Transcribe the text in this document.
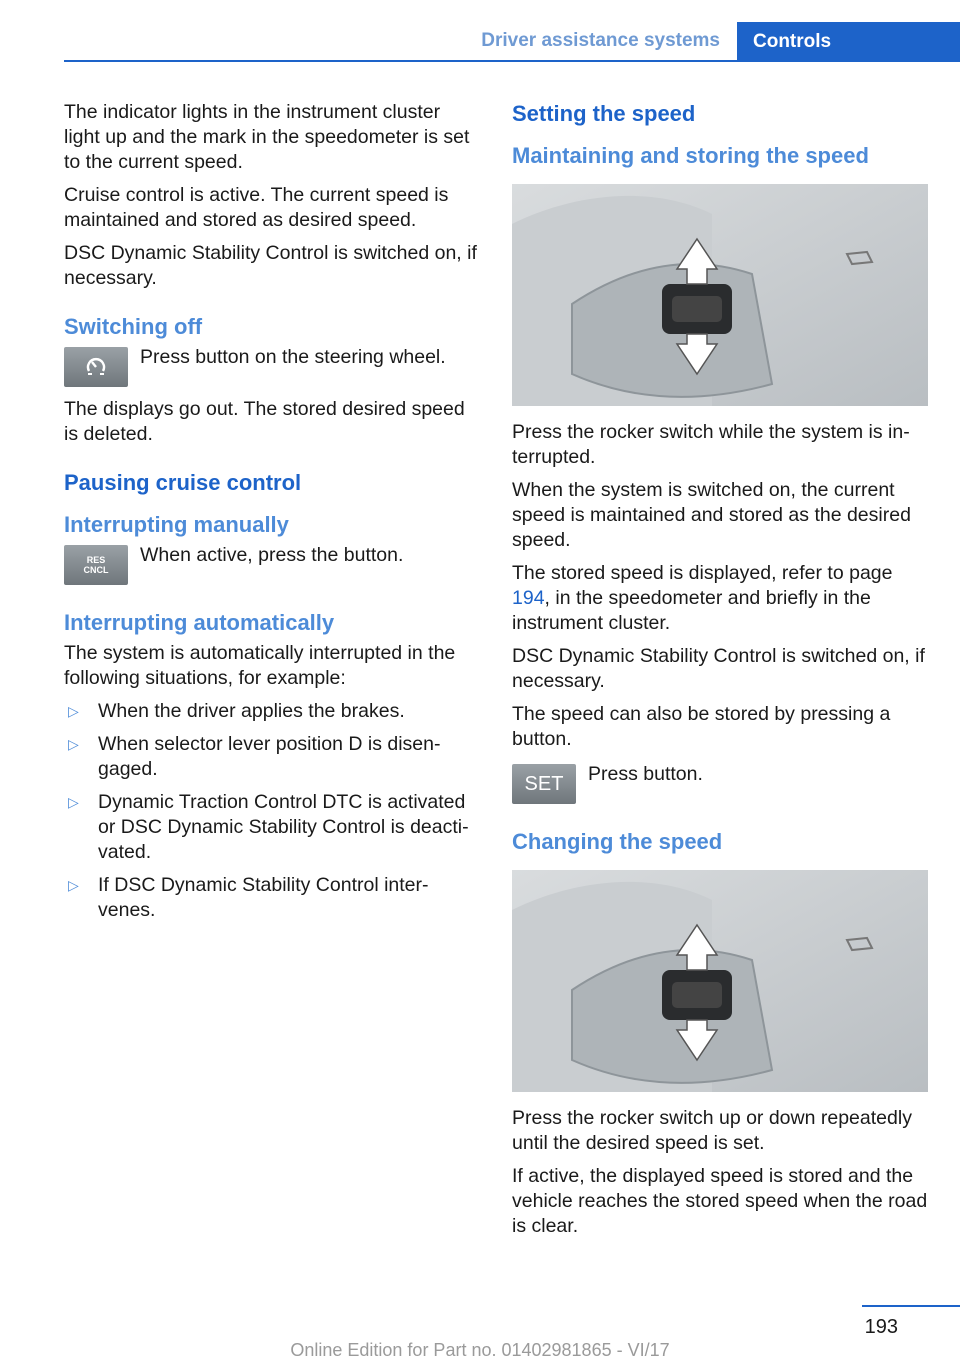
Driver assistance systems	Controls

The indicator lights in the instrument cluster light up and the mark in the speedometer is set to the current speed.

Cruise control is active. The current speed is maintained and stored as desired speed.

DSC Dynamic Stability Control is switched on, if necessary.

Switching off

Press button on the steering wheel.

The displays go out. The stored desired speed is deleted.

Pausing cruise control
Interrupting manually
RES
CNCL

When active, press the button.

Interrupting automatically

The system is automatically interrupted in the following situations, for example:

▷ When the driver applies the brakes.
▷ When selector lever position D is disen‐ gaged.
▷ Dynamic Traction Control DTC is activated or DSC Dynamic Stability Control is deacti‐ vated.
▷ If DSC Dynamic Stability Control inter‐ venes.
Setting the speed
Maintaining and storing the speed

Press the rocker switch while the system is in‐ terrupted.

When the system is switched on, the current speed is maintained and stored as the desired speed.

The stored speed is displayed, refer to page 194, in the speedometer and briefly in the instrument cluster.

DSC Dynamic Stability Control is switched on, if necessary.

The speed can also be stored by pressing a button.

SET Press button.

Changing the speed

Press the rocker switch up or down repeatedly until the desired speed is set.

If active, the displayed speed is stored and the vehicle reaches the stored speed when the road is clear.

193
Online Edition for Part no. 01402981865 - VI/17
